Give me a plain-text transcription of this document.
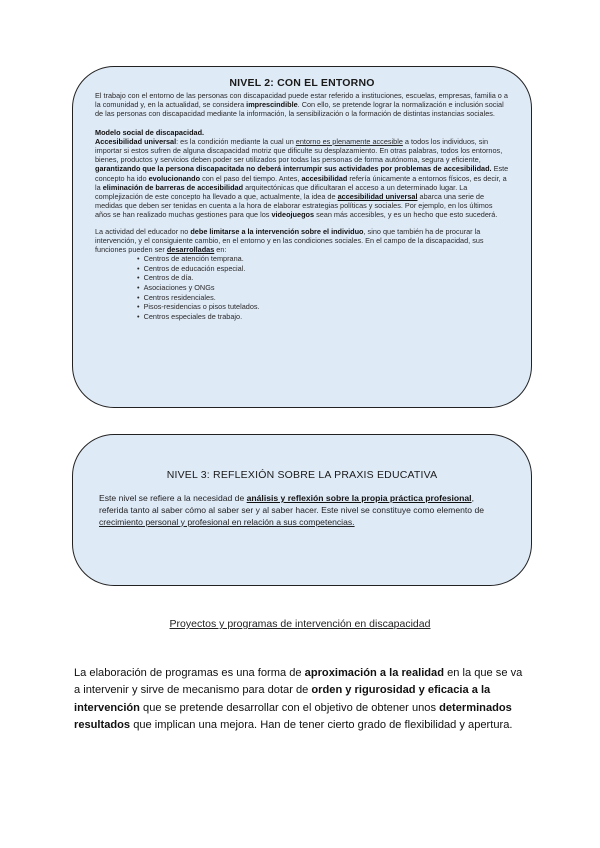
NIVEL 2: CON EL ENTORNO

El trabajo con el entorno de las personas con discapacidad puede estar referido a instituciones, escuelas, empresas, familia o a la comunidad y, en la actualidad, se considera imprescindible. Con ello, se pretende lograr la normalización e inclusión social de las personas con discapacidad mediante la información, la sensibilización o la formación de distintas instancias sociales.

Modelo social de discapacidad.

Accesibilidad universal: es la condición mediante la cual un entorno es plenamente accesible a todos los individuos, sin importar si estos sufren de alguna discapacidad motriz que dificulte su desplazamiento. En otras palabras, todos los entornos, bienes, productos y servicios deben poder ser utilizados por todas las personas de forma autónoma, segura y eficiente, garantizando que la persona discapacitada no deberá interrumpir sus actividades por problemas de accesibilidad. Este concepto ha ido evolucionando con el paso del tiempo. Antes, accesibilidad refería únicamente a entornos físicos, es decir, a la eliminación de barreras de accesibilidad arquitectónicas que dificultaran el acceso a un determinado lugar. La complejización de este concepto ha llevado a que, actualmente, la idea de accesibilidad universal abarca una serie de medidas que deben ser tenidas en cuenta a la hora de elaborar estrategias políticas y sociales. Por ejemplo, en los últimos años se han realizado muchas gestiones para que los videojuegos sean más accesibles, y es un hecho que esto sucederá.

La actividad del educador no debe limitarse a la intervención sobre el individuo, sino que también ha de procurar la intervención, y el consiguiente cambio, en el entorno y en las condiciones sociales. En el campo de la discapacidad, sus funciones pueden ser desarrolladas en:

• Centros de atención temprana.
• Centros de educación especial.
• Centros de día.
• Asociaciones y ONGs
• Centros residenciales.
• Pisos-residencias o pisos tutelados.
• Centros especiales de trabajo.

NIVEL 3: REFLEXIÓN SOBRE LA PRAXIS EDUCATIVA

Este nivel se refiere a la necesidad de análisis y reflexión sobre la propia práctica profesional, referida tanto al saber cómo al saber ser y al saber hacer. Este nivel se constituye como elemento de crecimiento personal y profesional en relación a sus competencias.

Proyectos y programas de intervención en discapacidad

La elaboración de programas es una forma de aproximación a la realidad en la que se va a intervenir y sirve de mecanismo para dotar de orden y rigurosidad y eficacia a la intervención que se pretende desarrollar con el objetivo de obtener unos determinados resultados que implican una mejora. Han de tener cierto grado de flexibilidad y apertura.
